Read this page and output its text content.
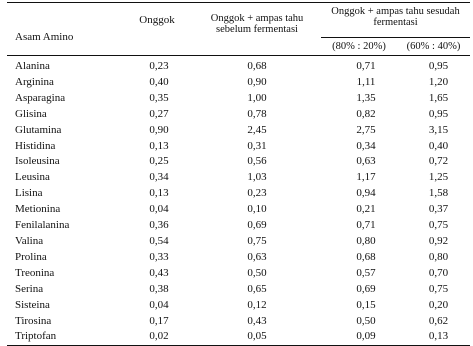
Asam Amino	Onggok	Onggok + ampas tahu sebelum fermentasi	Onggok + ampas tahu sesudah fermentasi	
			(80% : 20%)	(60% : 40%)
Alanina	0,23	0,68	0,71	0,95
Arginina	0,40	0,90	1,11	1,20
Asparagina	0,35	1,00	1,35	1,65
Glisina	0,27	0,78	0,82	0,95
Glutamina	0,90	2,45	2,75	3,15
Histidina	0,13	0,31	0,34	0,40
Isoleusina	0,25	0,56	0,63	0,72
Leusina	0,34	1,03	1,17	1,25
Lisina	0,13	0,23	0,94	1,58
Metionina	0,04	0,10	0,21	0,37
Fenilalanina	0,36	0,69	0,71	0,75
Valina	0,54	0,75	0,80	0,92
Prolina	0,33	0,63	0,68	0,80
Treonina	0,43	0,50	0,57	0,70
Serina	0,38	0,65	0,69	0,75
Sisteina	0,04	0,12	0,15	0,20
Tirosina	0,17	0,43	0,50	0,62
Triptofan	0,02	0,05	0,09	0,13
